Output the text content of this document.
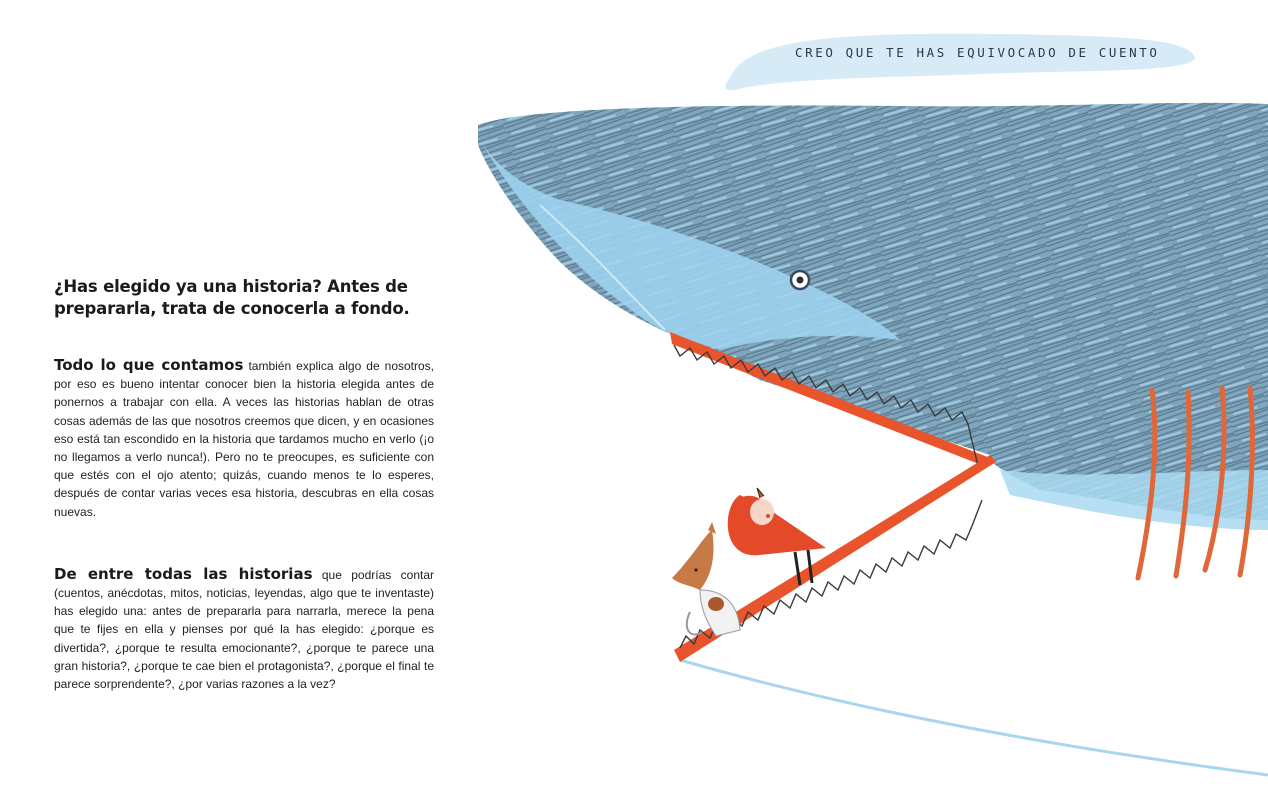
¿Has elegido ya una historia? Antes de prepararla, trata de conocerla a fondo.

Todo lo que contamos también explica algo de nosotros, por eso es bueno intentar conocer bien la historia elegida antes de ponernos a trabajar con ella. A veces las historias hablan de otras cosas además de las que nosotros creemos que dicen, y en ocasiones eso está tan escondido en la historia que tardamos mucho en verlo (¡o no llegamos a verlo nunca!). Pero no te preocupes, es suficiente con que estés con el ojo atento; quizás, cuando menos te lo esperes, después de contar varias veces esa historia, descubras en ella cosas nuevas.

De entre todas las historias que podrías contar (cuentos, anécdotas, mitos, noticias, leyendas, algo que te inventaste) has elegido una: antes de prepararla para narrarla, merece la pena que te fijes en ella y pienses por qué la has elegido: ¿porque es divertida?, ¿porque te resulta emocionante?, ¿porque te parece una gran historia?, ¿porque te cae bien el protagonista?, ¿porque el final te parece sorprendente?, ¿por varias razones a la vez?

CREO QUE TE HAS EQUIVOCADO DE CUENTO
